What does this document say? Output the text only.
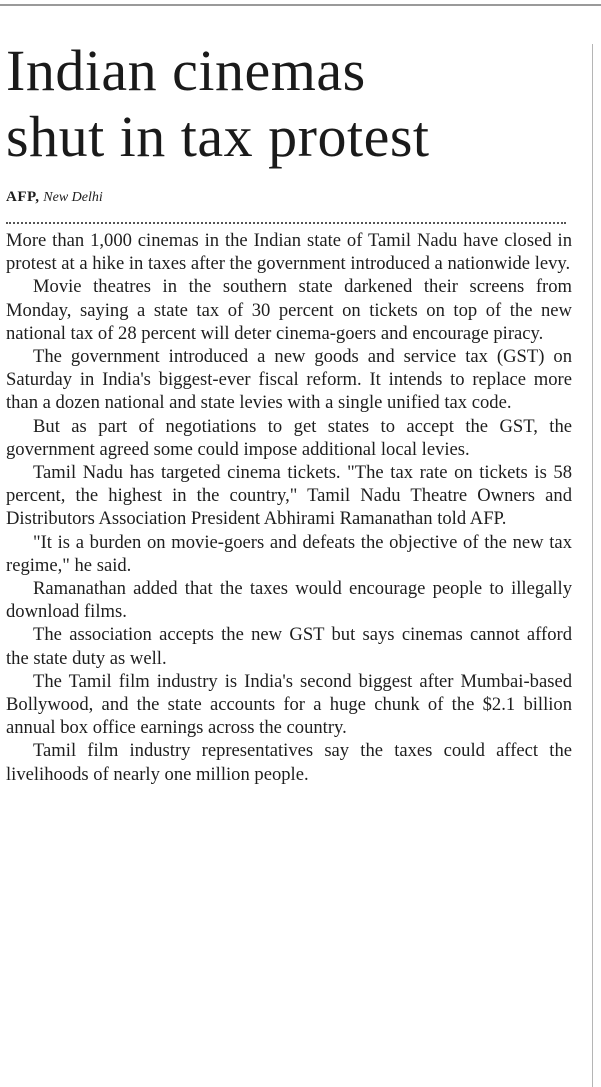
Indian cinemas
shut in tax protest
AFP, New Delhi

More than 1,000 cinemas in the Indian state of Tamil Nadu have closed in protest at a hike in taxes after the government introduced a nationwide levy.

Movie theatres in the southern state darkened their screens from Monday, saying a state tax of 30 percent on tickets on top of the new national tax of 28 percent will deter cinema-goers and encourage piracy.

The government introduced a new goods and service tax (GST) on Saturday in India's biggest-ever fiscal reform. It intends to replace more than a dozen national and state levies with a single unified tax code.

But as part of negotiations to get states to accept the GST, the government agreed some could impose additional local levies.

Tamil Nadu has targeted cinema tickets. "The tax rate on tickets is 58 percent, the highest in the country," Tamil Nadu Theatre Owners and Distributors Association President Abhirami Ramanathan told AFP.

"It is a burden on movie-goers and defeats the objective of the new tax regime," he said.

Ramanathan added that the taxes would encourage people to illegally download films.

The association accepts the new GST but says cinemas cannot afford the state duty as well.

The Tamil film industry is India's second biggest after Mumbai-based Bollywood, and the state accounts for a huge chunk of the $2.1 billion annual box office earnings across the country.

Tamil film industry representatives say the taxes could affect the livelihoods of nearly one million people.
